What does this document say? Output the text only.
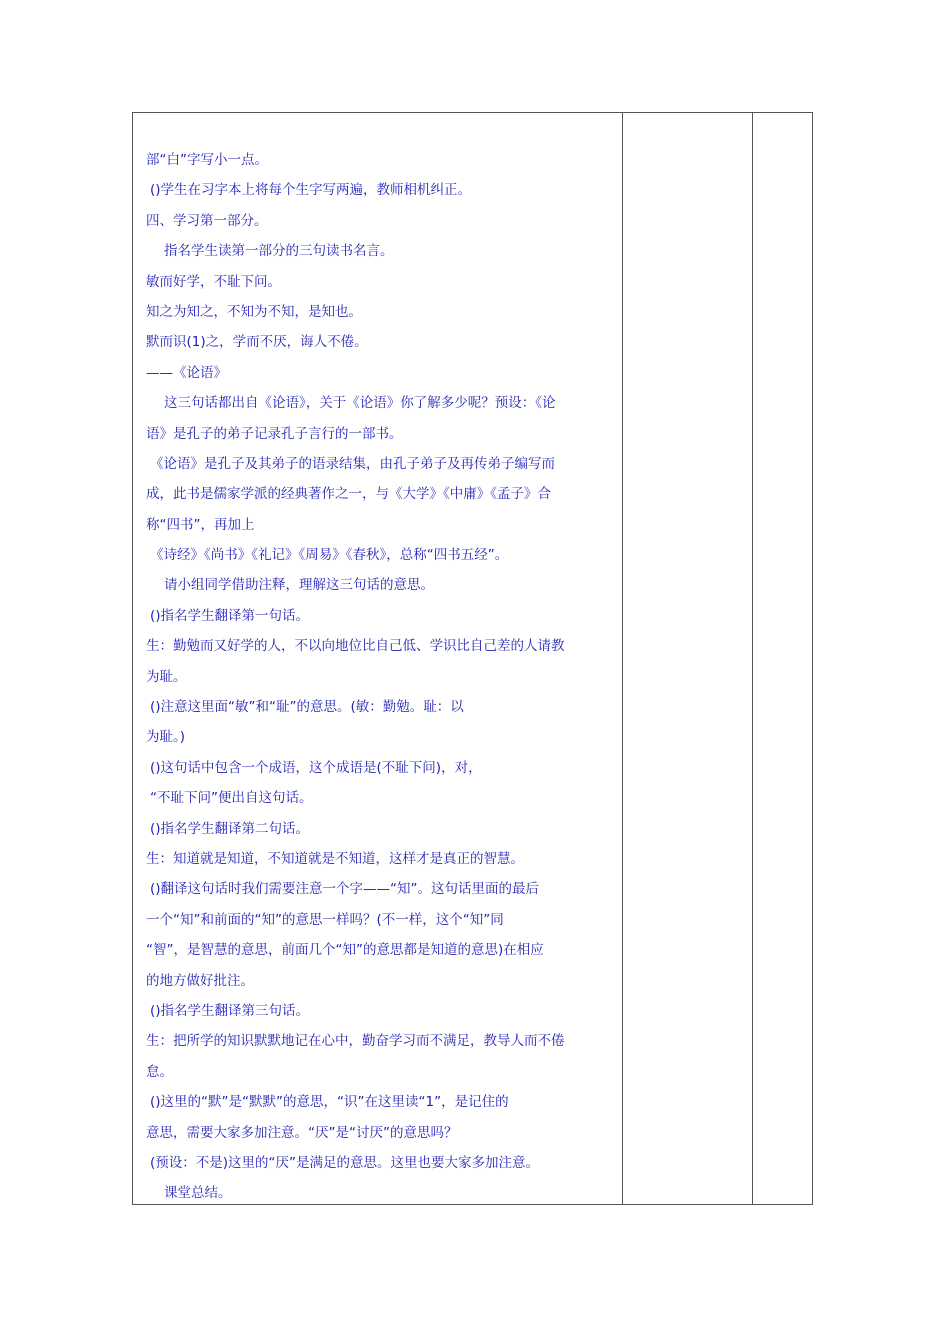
部“白”字写小一点。
()学生在习字本上将每个生字写两遍，教师相机纠正。
四、学习第一部分。
指名学生读第一部分的三句读书名言。
敏而好学，不耻下问。
知之为知之，不知为不知，是知也。
默而识(1)之，学而不厌，诲人不倦。
——《论语》
这三句话都出自《论语》，关于《论语》你了解多少呢？预设：《论
语》是孔子的弟子记录孔子言行的一部书。
《论语》是孔子及其弟子的语录结集，由孔子弟子及再传弟子编写而
成，此书是儒家学派的经典著作之一，与《大学》《中庸》《孟子》合
称“四书”，再加上
《诗经》《尚书》《礼记》《周易》《春秋》，总称“四书五经”。
请小组同学借助注释，理解这三句话的意思。
()指名学生翻译第一句话。
生：勤勉而又好学的人，不以向地位比自己低、学识比自己差的人请教
为耻。
()注意这里面“敏”和“耻”的意思。(敏：勤勉。耻：以
为耻。)
()这句话中包含一个成语，这个成语是(不耻下问)，对，
“不耻下问”便出自这句话。
()指名学生翻译第二句话。
生：知道就是知道，不知道就是不知道，这样才是真正的智慧。
()翻译这句话时我们需要注意一个字——“知”。这句话里面的最后
一个“知”和前面的“知”的意思一样吗？(不一样，这个“知”同
“智”，是智慧的意思，前面几个“知”的意思都是知道的意思)在相应
的地方做好批注。
()指名学生翻译第三句话。
生：把所学的知识默默地记在心中，勤奋学习而不满足，教导人而不倦
怠。
()这里的“默”是“默默”的意思，“识”在这里读“1”，是记住的
意思，需要大家多加注意。“厌”是“讨厌”的意思吗？
(预设：不是)这里的“厌”是满足的意思。这里也要大家多加注意。
课堂总结。
